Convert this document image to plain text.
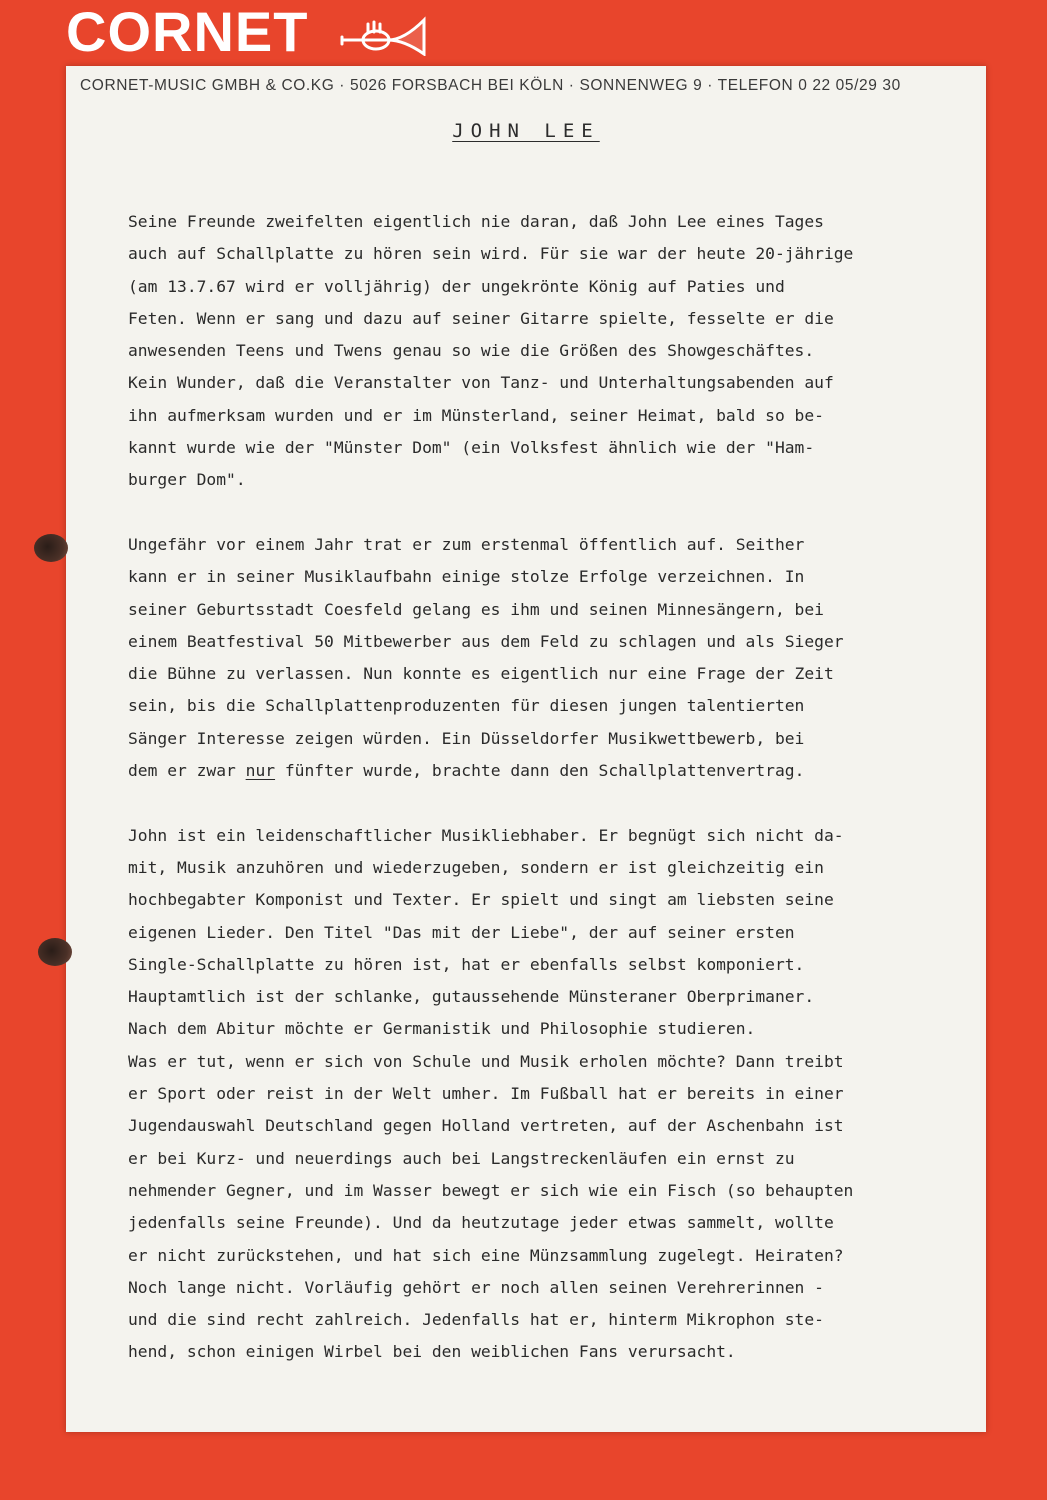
CORNET
CORNET-MUSIC GMBH & CO.KG · 5026 FORSBACH BEI KÖLN · SONNENWEG 9 · TELEFON 0 22 05/29 30
JOHN LEE

Seine Freunde zweifelten eigentlich nie daran, daß John Lee eines Tages
auch auf Schallplatte zu hören sein wird. Für sie war der heute 20-jährige
(am 13.7.67 wird er volljährig) der ungekrönte König auf Paties und
Feten. Wenn er sang und dazu auf seiner Gitarre spielte, fesselte er die
anwesenden Teens und Twens genau so wie die Größen des Showgeschäftes.
Kein Wunder, daß die Veranstalter von Tanz- und Unterhaltungsabenden auf
ihn aufmerksam wurden und er im Münsterland, seiner Heimat, bald so be-
kannt wurde wie der "Münster Dom" (ein Volksfest ähnlich wie der "Ham-
burger Dom".

Ungefähr vor einem Jahr trat er zum erstenmal öffentlich auf. Seither
kann er in seiner Musiklaufbahn einige stolze Erfolge verzeichnen. In
seiner Geburtsstadt Coesfeld gelang es ihm und seinen Minnesängern, bei
einem Beatfestival 50 Mitbewerber aus dem Feld zu schlagen und als Sieger
die Bühne zu verlassen. Nun konnte es eigentlich nur eine Frage der Zeit
sein, bis die Schallplattenproduzenten für diesen jungen talentierten
Sänger Interesse zeigen würden. Ein Düsseldorfer Musikwettbewerb, bei
dem er zwar nur fünfter wurde, brachte dann den Schallplattenvertrag.

John ist ein leidenschaftlicher Musikliebhaber. Er begnügt sich nicht da-
mit, Musik anzuhören und wiederzugeben, sondern er ist gleichzeitig ein
hochbegabter Komponist und Texter. Er spielt und singt am liebsten seine
eigenen Lieder. Den Titel "Das mit der Liebe", der auf seiner ersten
Single-Schallplatte zu hören ist, hat er ebenfalls selbst komponiert.
Hauptamtlich ist der schlanke, gutaussehende Münsteraner Oberprimaner.
Nach dem Abitur möchte er Germanistik und Philosophie studieren.
Was er tut, wenn er sich von Schule und Musik erholen möchte? Dann treibt
er Sport oder reist in der Welt umher. Im Fußball hat er bereits in einer
Jugendauswahl Deutschland gegen Holland vertreten, auf der Aschenbahn ist
er bei Kurz- und neuerdings auch bei Langstreckenläufen ein ernst zu
nehmender Gegner, und im Wasser bewegt er sich wie ein Fisch (so behaupten
jedenfalls seine Freunde). Und da heutzutage jeder etwas sammelt, wollte
er nicht zurückstehen, und hat sich eine Münzsammlung zugelegt. Heiraten?
Noch lange nicht. Vorläufig gehört er noch allen seinen Verehrerinnen -
und die sind recht zahlreich. Jedenfalls hat er, hinterm Mikrophon ste-
hend, schon einigen Wirbel bei den weiblichen Fans verursacht.
